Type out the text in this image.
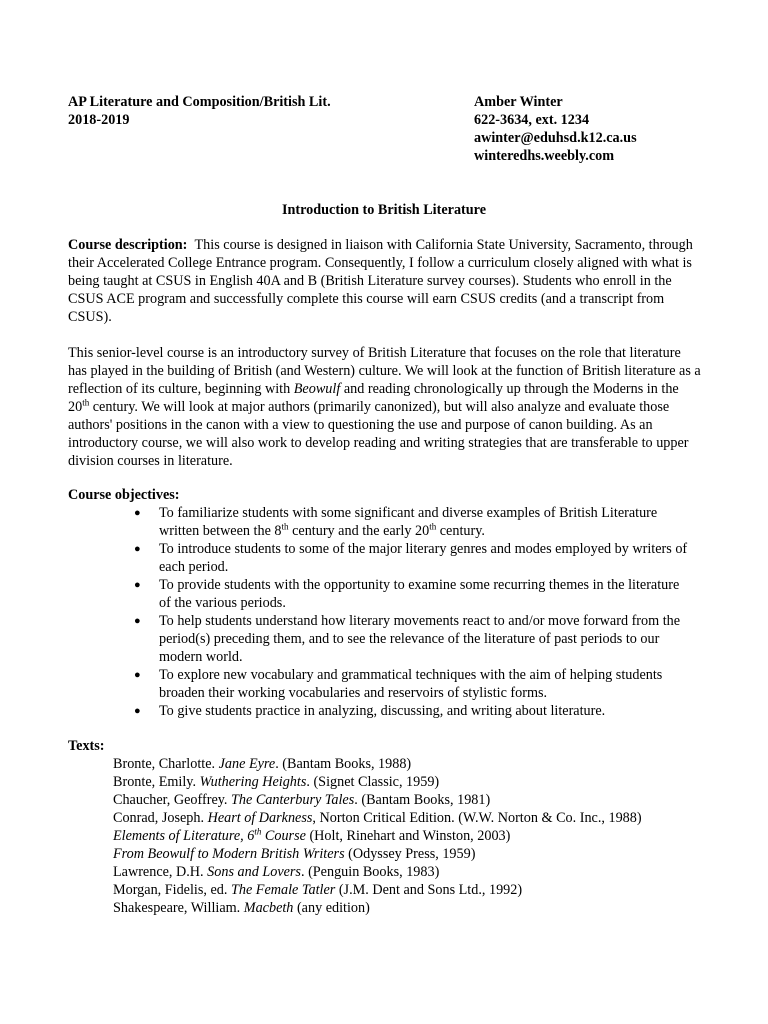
AP Literature and Composition/British Lit.
2018-2019
Amber Winter
622-3634, ext. 1234
awinter@eduhsd.k12.ca.us
winteredhs.weebly.com
Introduction to British Literature

Course description: This course is designed in liaison with California State University, Sacramento, through their Accelerated College Entrance program. Consequently, I follow a curriculum closely aligned with what is being taught at CSUS in English 40A and B (British Literature survey courses). Students who enroll in the CSUS ACE program and successfully complete this course will earn CSUS credits (and a transcript from CSUS).

This senior-level course is an introductory survey of British Literature that focuses on the role that literature has played in the building of British (and Western) culture. We will look at the function of British literature as a reflection of its culture, beginning with Beowulf and reading chronologically up through the Moderns in the 20th century. We will look at major authors (primarily canonized), but will also analyze and evaluate those authors' positions in the canon with a view to questioning the use and purpose of canon building. As an introductory course, we will also work to develop reading and writing strategies that are transferable to upper division courses in literature.

Course objectives:
● To familiarize students with some significant and diverse examples of British Literature written between the 8th century and the early 20th century.
● To introduce students to some of the major literary genres and modes employed by writers of each period.
● To provide students with the opportunity to examine some recurring themes in the literature of the various periods.
● To help students understand how literary movements react to and/or move forward from the period(s) preceding them, and to see the relevance of the literature of past periods to our modern world.
● To explore new vocabulary and grammatical techniques with the aim of helping students broaden their working vocabularies and reservoirs of stylistic forms.
● To give students practice in analyzing, discussing, and writing about literature.
Texts:
Bronte, Charlotte. Jane Eyre. (Bantam Books, 1988)
Bronte, Emily. Wuthering Heights. (Signet Classic, 1959)
Chaucher, Geoffrey. The Canterbury Tales. (Bantam Books, 1981)
Conrad, Joseph. Heart of Darkness, Norton Critical Edition. (W.W. Norton & Co. Inc., 1988)
Elements of Literature, 6th Course (Holt, Rinehart and Winston, 2003)
From Beowulf to Modern British Writers (Odyssey Press, 1959)
Lawrence, D.H. Sons and Lovers. (Penguin Books, 1983)
Morgan, Fidelis, ed. The Female Tatler (J.M. Dent and Sons Ltd., 1992)
Shakespeare, William. Macbeth (any edition)
